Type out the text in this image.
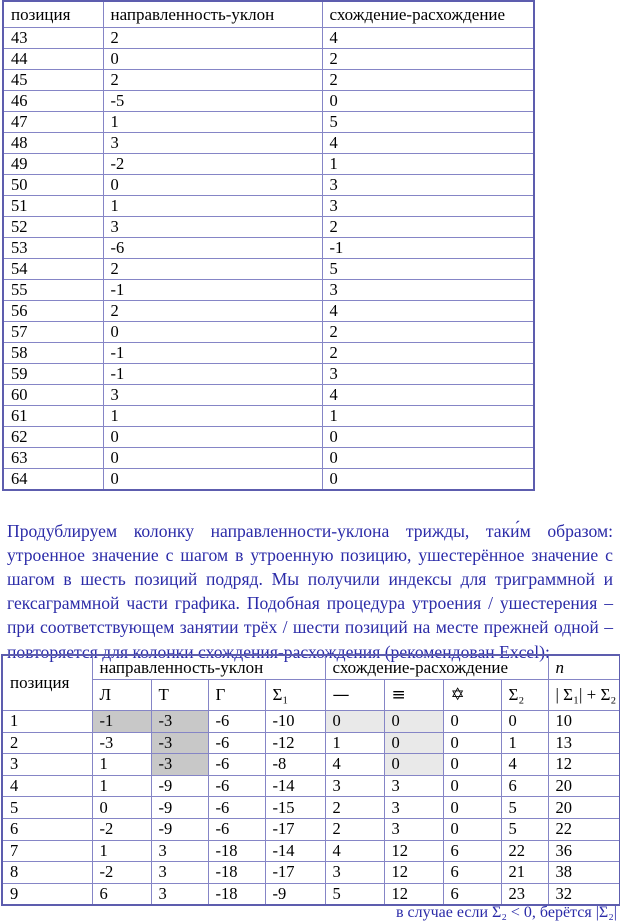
позиция	направленность-уклон	схождение-расхождение
43	2	4
44	0	2
45	2	2
46	-5	0
47	1	5
48	3	4
49	-2	1
50	0	3
51	1	3
52	3	2
53	-6	-1
54	2	5
55	-1	3
56	2	4
57	0	2
58	-1	2
59	-1	3
60	3	4
61	1	1
62	0	0
63	0	0
64	0	0

Продублируем колонку направленности-уклона трижды, таки́м образом: утроенное значение с шагом в утроенную позицию, ушестерённое значение с шагом в шесть позиций подряд. Мы получили индексы для триграммной и гексаграммной части графика. Подобная процедура утроения / ушестерения – при соответствующем занятии трёх / шести позиций на месте прежней одной – повторяется для колонки схождения-расхождения (рекомендован Excel):

позиция	направленность-уклон				схождение-расхождение				n
	Л	Т	Г	Σ₁	—	≡	✡	Σ₂	| Σ₁| + Σ₂
1	-1	-3	-6	-10	0	0	0	0	10
2	-3	-3	-6	-12	1	0	0	1	13
3	1	-3	-6	-8	4	0	0	4	12
4	1	-9	-6	-14	3	3	0	6	20
5	0	-9	-6	-15	2	3	0	5	20
6	-2	-9	-6	-17	2	3	0	5	22
7	1	3	-18	-14	4	12	6	22	36
8	-2	3	-18	-17	3	12	6	21	38
9	6	3	-18	-9	5	12	6	23	32
в случае если Σ₂ < 0, берётся |Σ₂|
